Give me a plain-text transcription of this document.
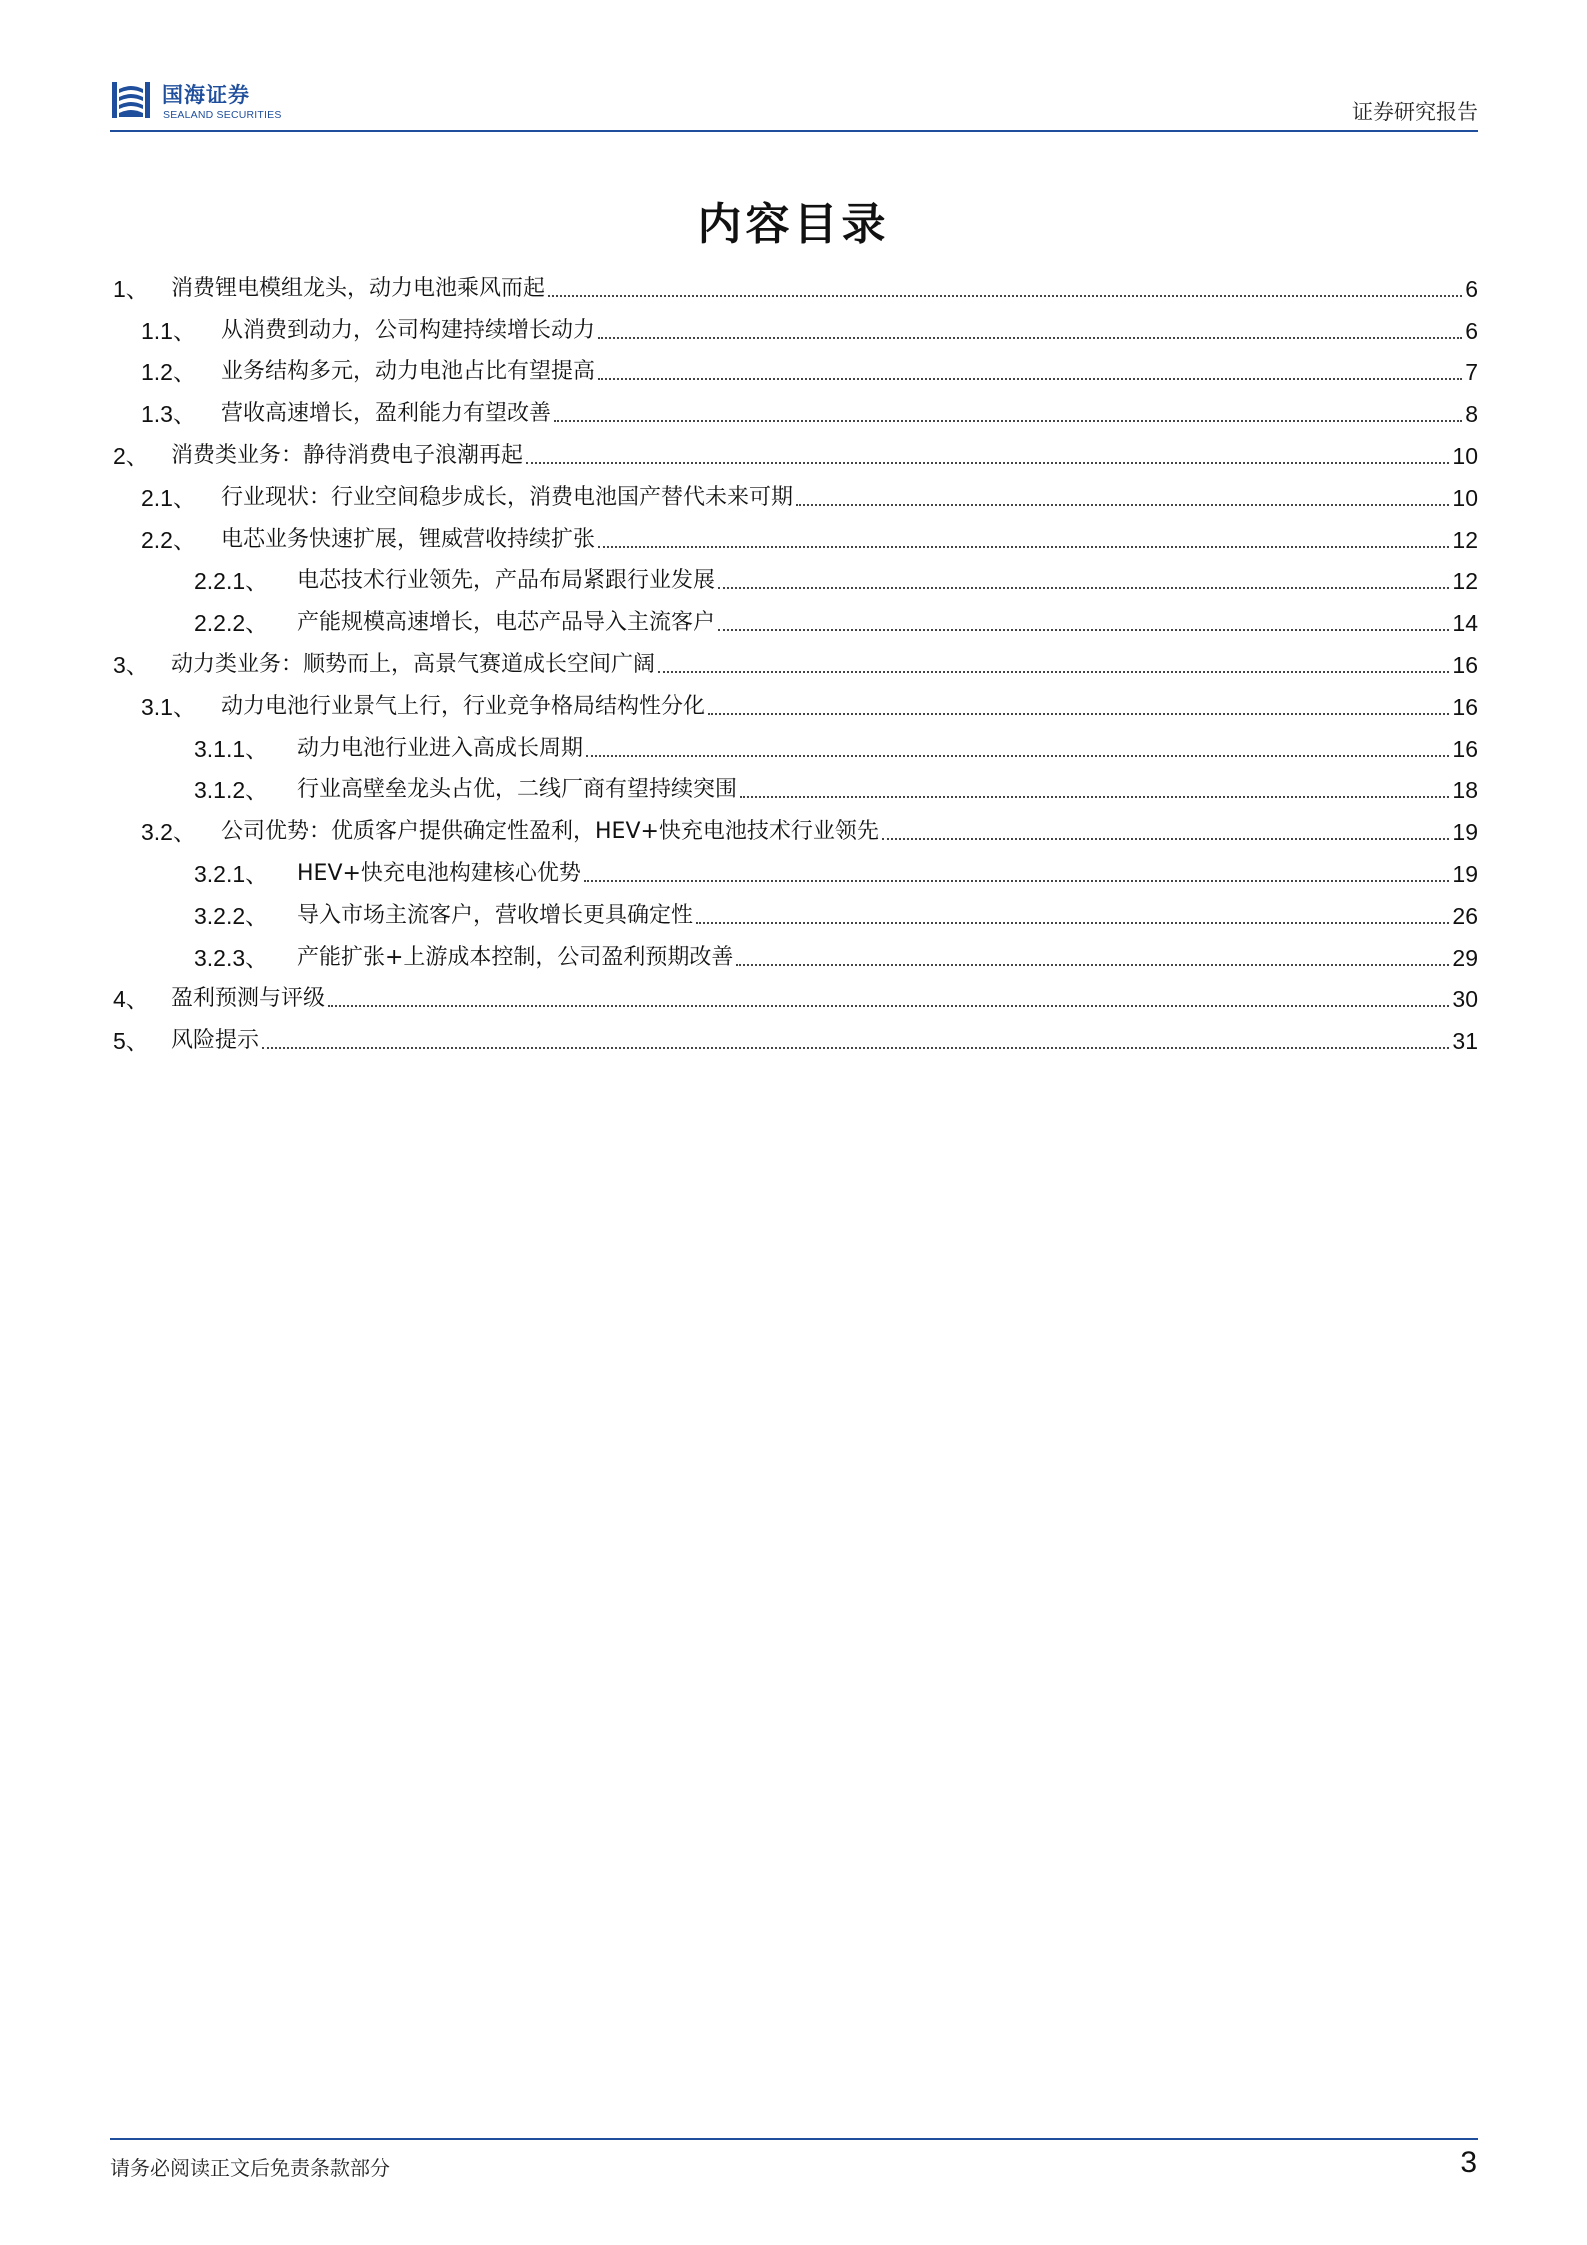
国海证券
SEALAND SECURITIES	证券研究报告
内容目录
1、	消费锂电模组龙头，动力电池乘风而起	6
1.1、	从消费到动力，公司构建持续增长动力	6
1.2、	业务结构多元，动力电池占比有望提高	7
1.3、	营收高速增长，盈利能力有望改善	8
2、	消费类业务：静待消费电子浪潮再起	10
2.1、	行业现状：行业空间稳步成长，消费电池国产替代未来可期	10
2.2、	电芯业务快速扩展，锂威营收持续扩张	12
2.2.1、	电芯技术行业领先，产品布局紧跟行业发展	12
2.2.2、	产能规模高速增长，电芯产品导入主流客户	14
3、	动力类业务：顺势而上，高景气赛道成长空间广阔	16
3.1、	动力电池行业景气上行，行业竞争格局结构性分化	16
3.1.1、	动力电池行业进入高成长周期	16
3.1.2、	行业高壁垒龙头占优，二线厂商有望持续突围	18
3.2、	公司优势：优质客户提供确定性盈利，HEV+快充电池技术行业领先	19
3.2.1、	HEV+快充电池构建核心优势	19
3.2.2、	导入市场主流客户，营收增长更具确定性	26
3.2.3、	产能扩张+上游成本控制，公司盈利预期改善	29
4、	盈利预测与评级	30
5、	风险提示	31
请务必阅读正文后免责条款部分	3
